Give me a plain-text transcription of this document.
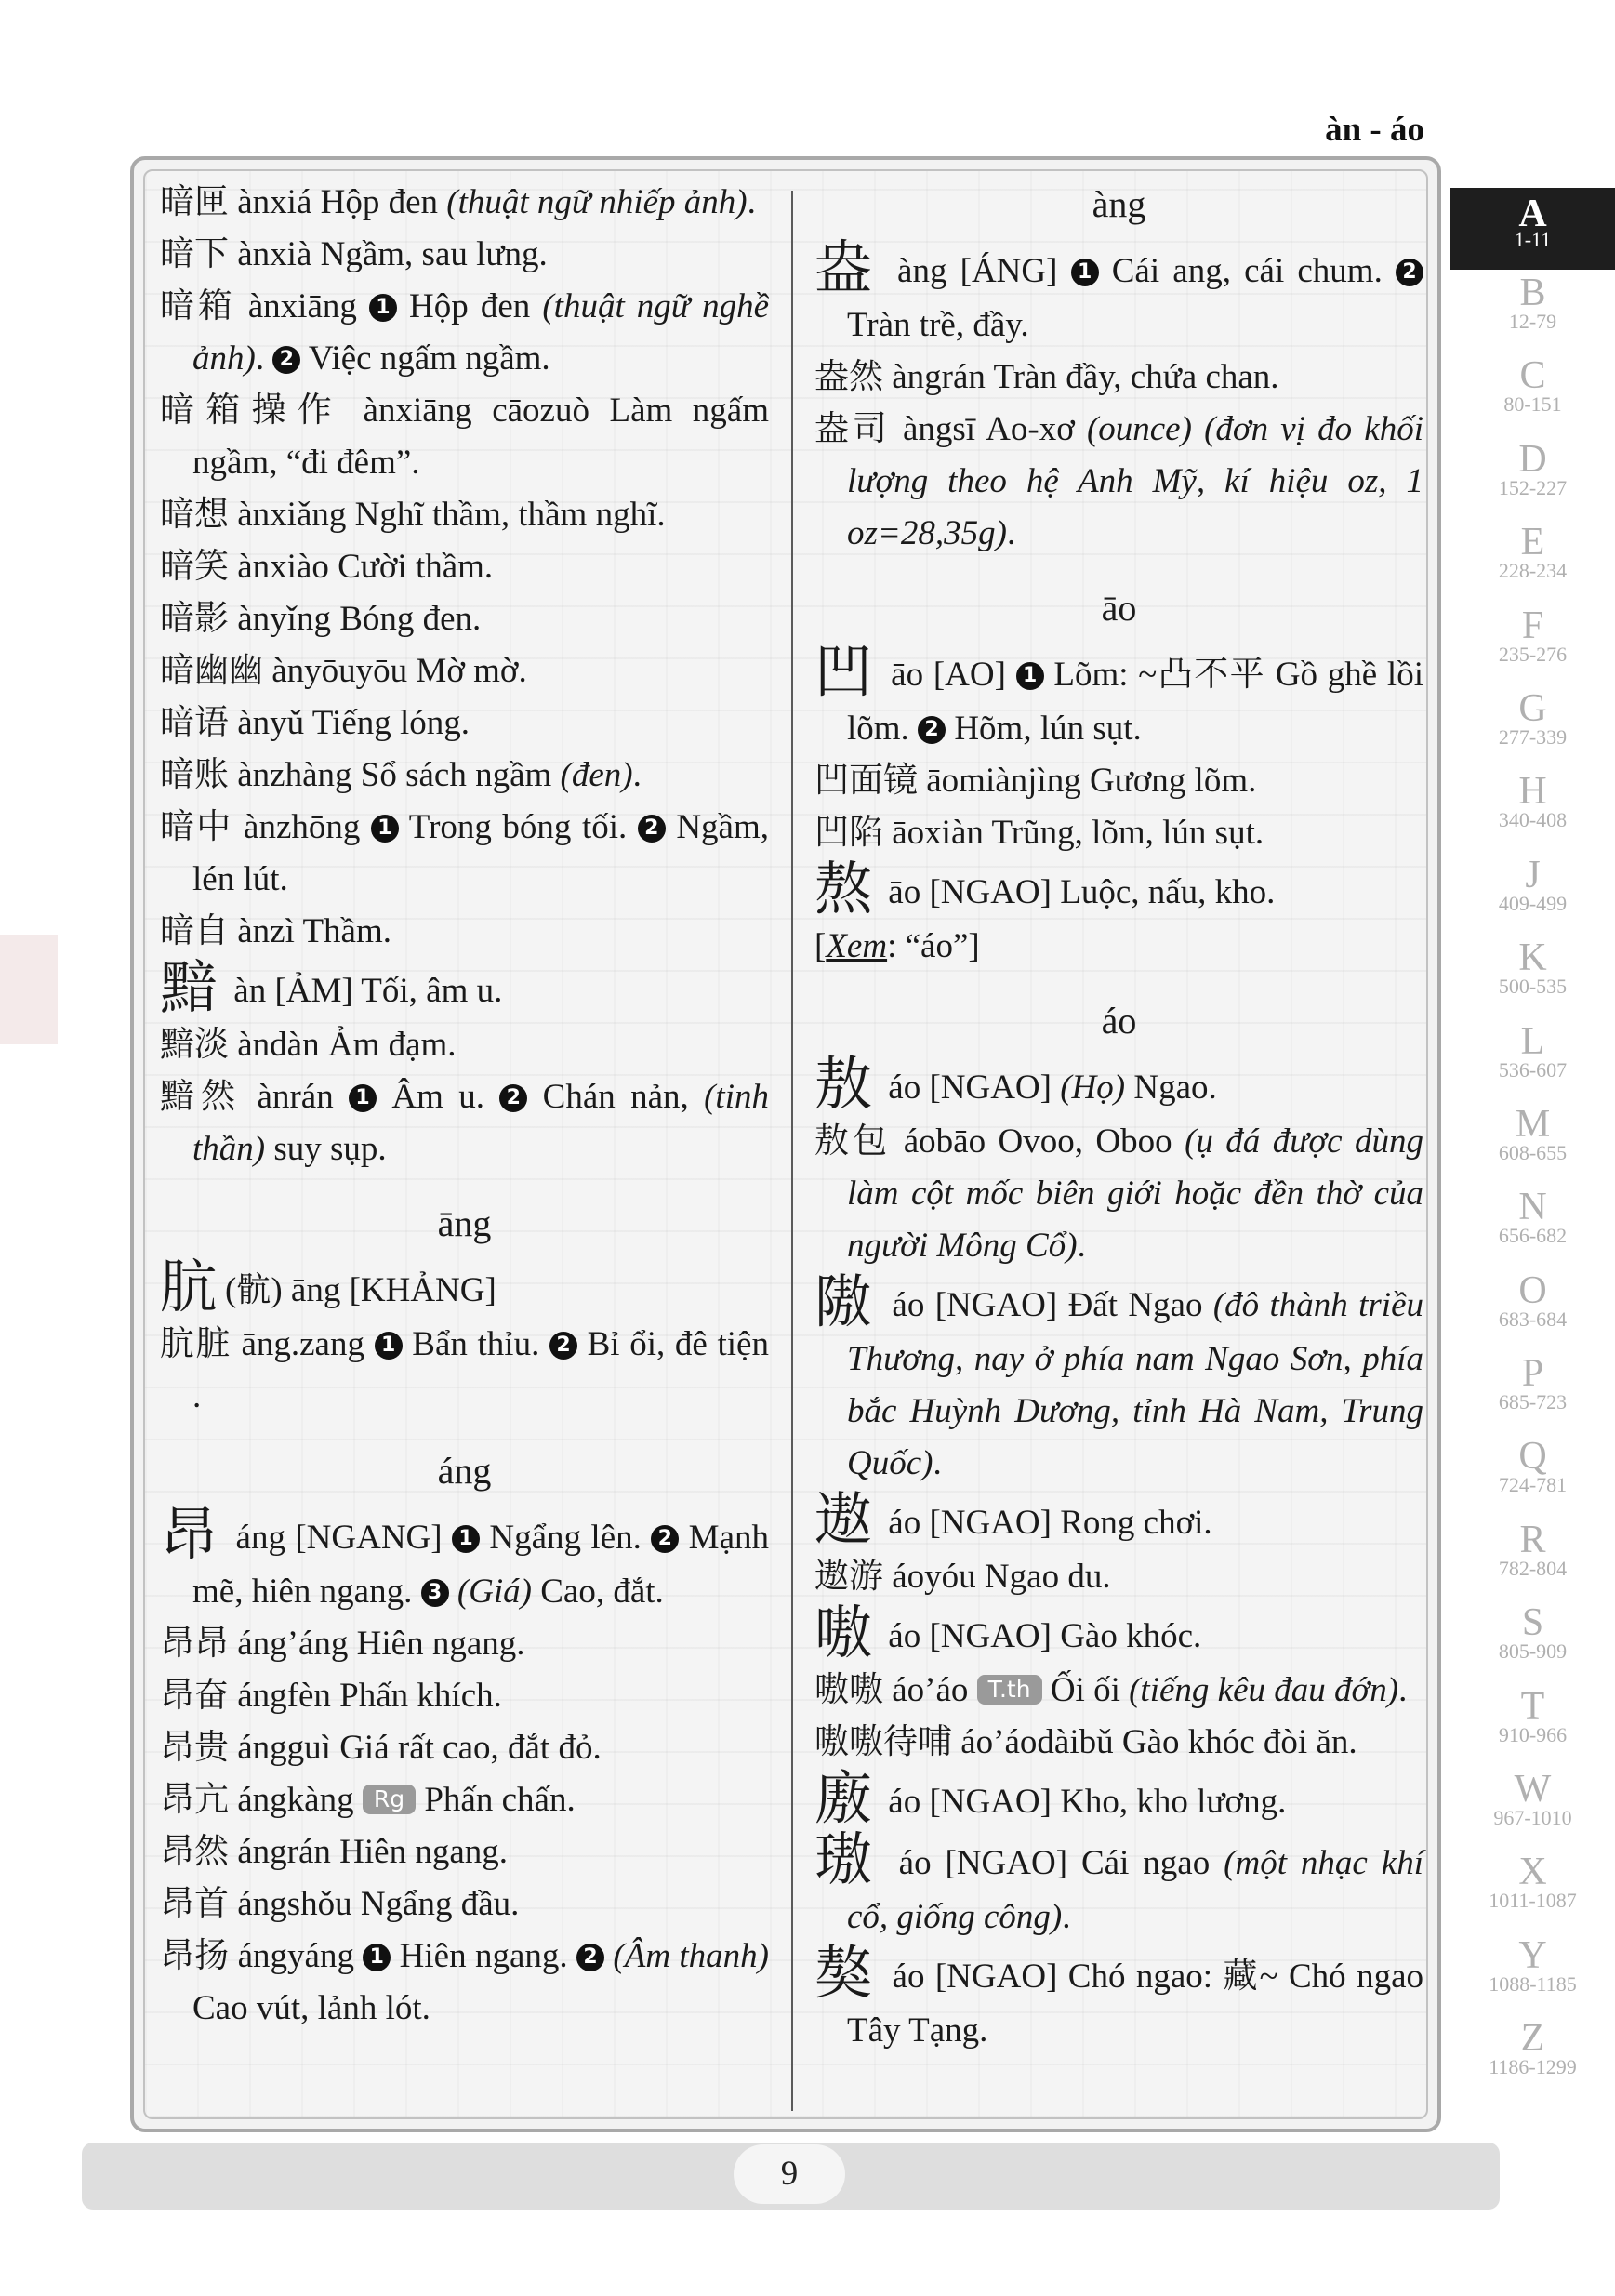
àn - áo

暗匣 ànxiá Hộp đen (thuật ngữ nhiếp ảnh).

暗下 ànxià Ngầm, sau lưng.

暗箱 ànxiāng 1 Hộp đen (thuật ngữ nghề ảnh). 2 Việc ngấm ngầm.

暗箱操作 ànxiāng cāozuò Làm ngấm ngầm, “đi đêm”.

暗想 ànxiǎng Nghĩ thầm, thầm nghĩ.

暗笑 ànxiào Cười thầm.

暗影 ànyǐng Bóng đen.

暗幽幽 ànyōuyōu Mờ mờ.

暗语 ànyǔ Tiếng lóng.

暗账 ànzhàng Sổ sách ngầm (đen).

暗中 ànzhōng 1 Trong bóng tối. 2 Ngầm, lén lút.

暗自 ànzì Thầm.

黯 àn [ẢM] Tối, âm u.

黯淡 àndàn Ảm đạm.

黯然 ànrán 1 Âm u. 2 Chán nản, (tinh thần) suy sụp.

āng

肮 (骯) āng [KHẢNG]

肮脏 āng.zang 1 Bẩn thỉu. 2 Bỉ ổi, đê tiện .

áng

昂 áng [NGANG] 1 Ngẩng lên. 2 Mạnh mẽ, hiên ngang. 3 (Giá) Cao, đắt.

昂昂 áng’áng Hiên ngang.

昂奋 ángfèn Phấn khích.

昂贵 ángguì Giá rất cao, đắt đỏ.

昂亢 ángkàng Rg Phấn chấn.

昂然 ángrán Hiên ngang.

昂首 ángshǒu Ngẩng đầu.

昂扬 ángyáng 1 Hiên ngang. 2 (Âm thanh) Cao vút, lảnh lót.

àng

盎 àng [ÁNG] 1 Cái ang, cái chum. 2 Tràn trề, đầy.

盎然 àngrán Tràn đầy, chứa chan.

盎司 àngsī Ao-xơ (ounce) (đơn vị đo khối lượng theo hệ Anh Mỹ, kí hiệu oz, 1 oz=28,35g).

āo

凹 āo [AO] 1 Lõm: ~凸不平 Gồ ghề lồi lõm. 2 Hõm, lún sụt.

凹面镜 āomiànjìng Gương lõm.

凹陷 āoxiàn Trũng, lõm, lún sụt.

熬 āo [NGAO] Luộc, nấu, kho.

[Xem: “áo”]

áo

敖 áo [NGAO] (Họ) Ngao.

敖包 áobāo Ovoo, Oboo (ụ đá được dùng làm cột mốc biên giới hoặc đền thờ của người Mông Cổ).

隞 áo [NGAO] Đất Ngao (đô thành triều Thương, nay ở phía nam Ngao Sơn, phía bắc Huỳnh Dương, tỉnh Hà Nam, Trung Quốc).

遨 áo [NGAO] Rong chơi.

遨游 áoyóu Ngao du.

嗷 áo [NGAO] Gào khóc.

嗷嗷 áo’áo T.th Ối ối (tiếng kêu đau đớn).

嗷嗷待哺 áo’áodàibǔ Gào khóc đòi ăn.

廒 áo [NGAO] Kho, kho lương.

璈 áo [NGAO] Cái ngao (một nhạc khí cổ, giống công).

獒 áo [NGAO] Chó ngao: 藏~ Chó ngao Tây Tạng.

A
1-11
B
12-79
C
80-151
D
152-227
E
228-234
F
235-276
G
277-339
H
340-408
J
409-499
K
500-535
L
536-607
M
608-655
N
656-682
O
683-684
P
685-723
Q
724-781
R
782-804
S
805-909
T
910-966
W
967-1010
X
1011-1087
Y
1088-1185
Z
1186-1299
9
